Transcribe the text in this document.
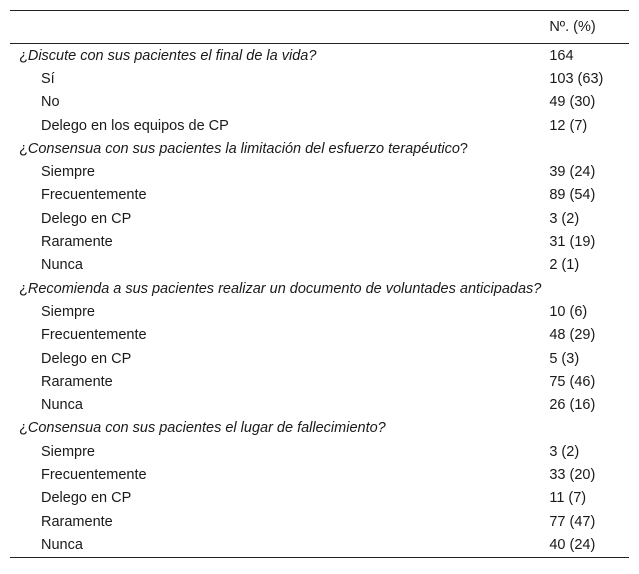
	Nº. (%)
¿Discute con sus pacientes el final de la vida?	164
Sí	103 (63)
No	49 (30)
Delego en los equipos de CP	12 (7)
¿Consensua con sus pacientes la limitación del esfuerzo terapéutico?	
Siempre	39 (24)
Frecuentemente	89 (54)
Delego en CP	3 (2)
Raramente	31 (19)
Nunca	2 (1)
¿Recomienda a sus pacientes realizar un documento de voluntades anticipadas?	
Siempre	10 (6)
Frecuentemente	48 (29)
Delego en CP	5 (3)
Raramente	75 (46)
Nunca	26 (16)
¿Consensua con sus pacientes el lugar de fallecimiento?	
Siempre	3 (2)
Frecuentemente	33 (20)
Delego en CP	11 (7)
Raramente	77 (47)
Nunca	40 (24)
